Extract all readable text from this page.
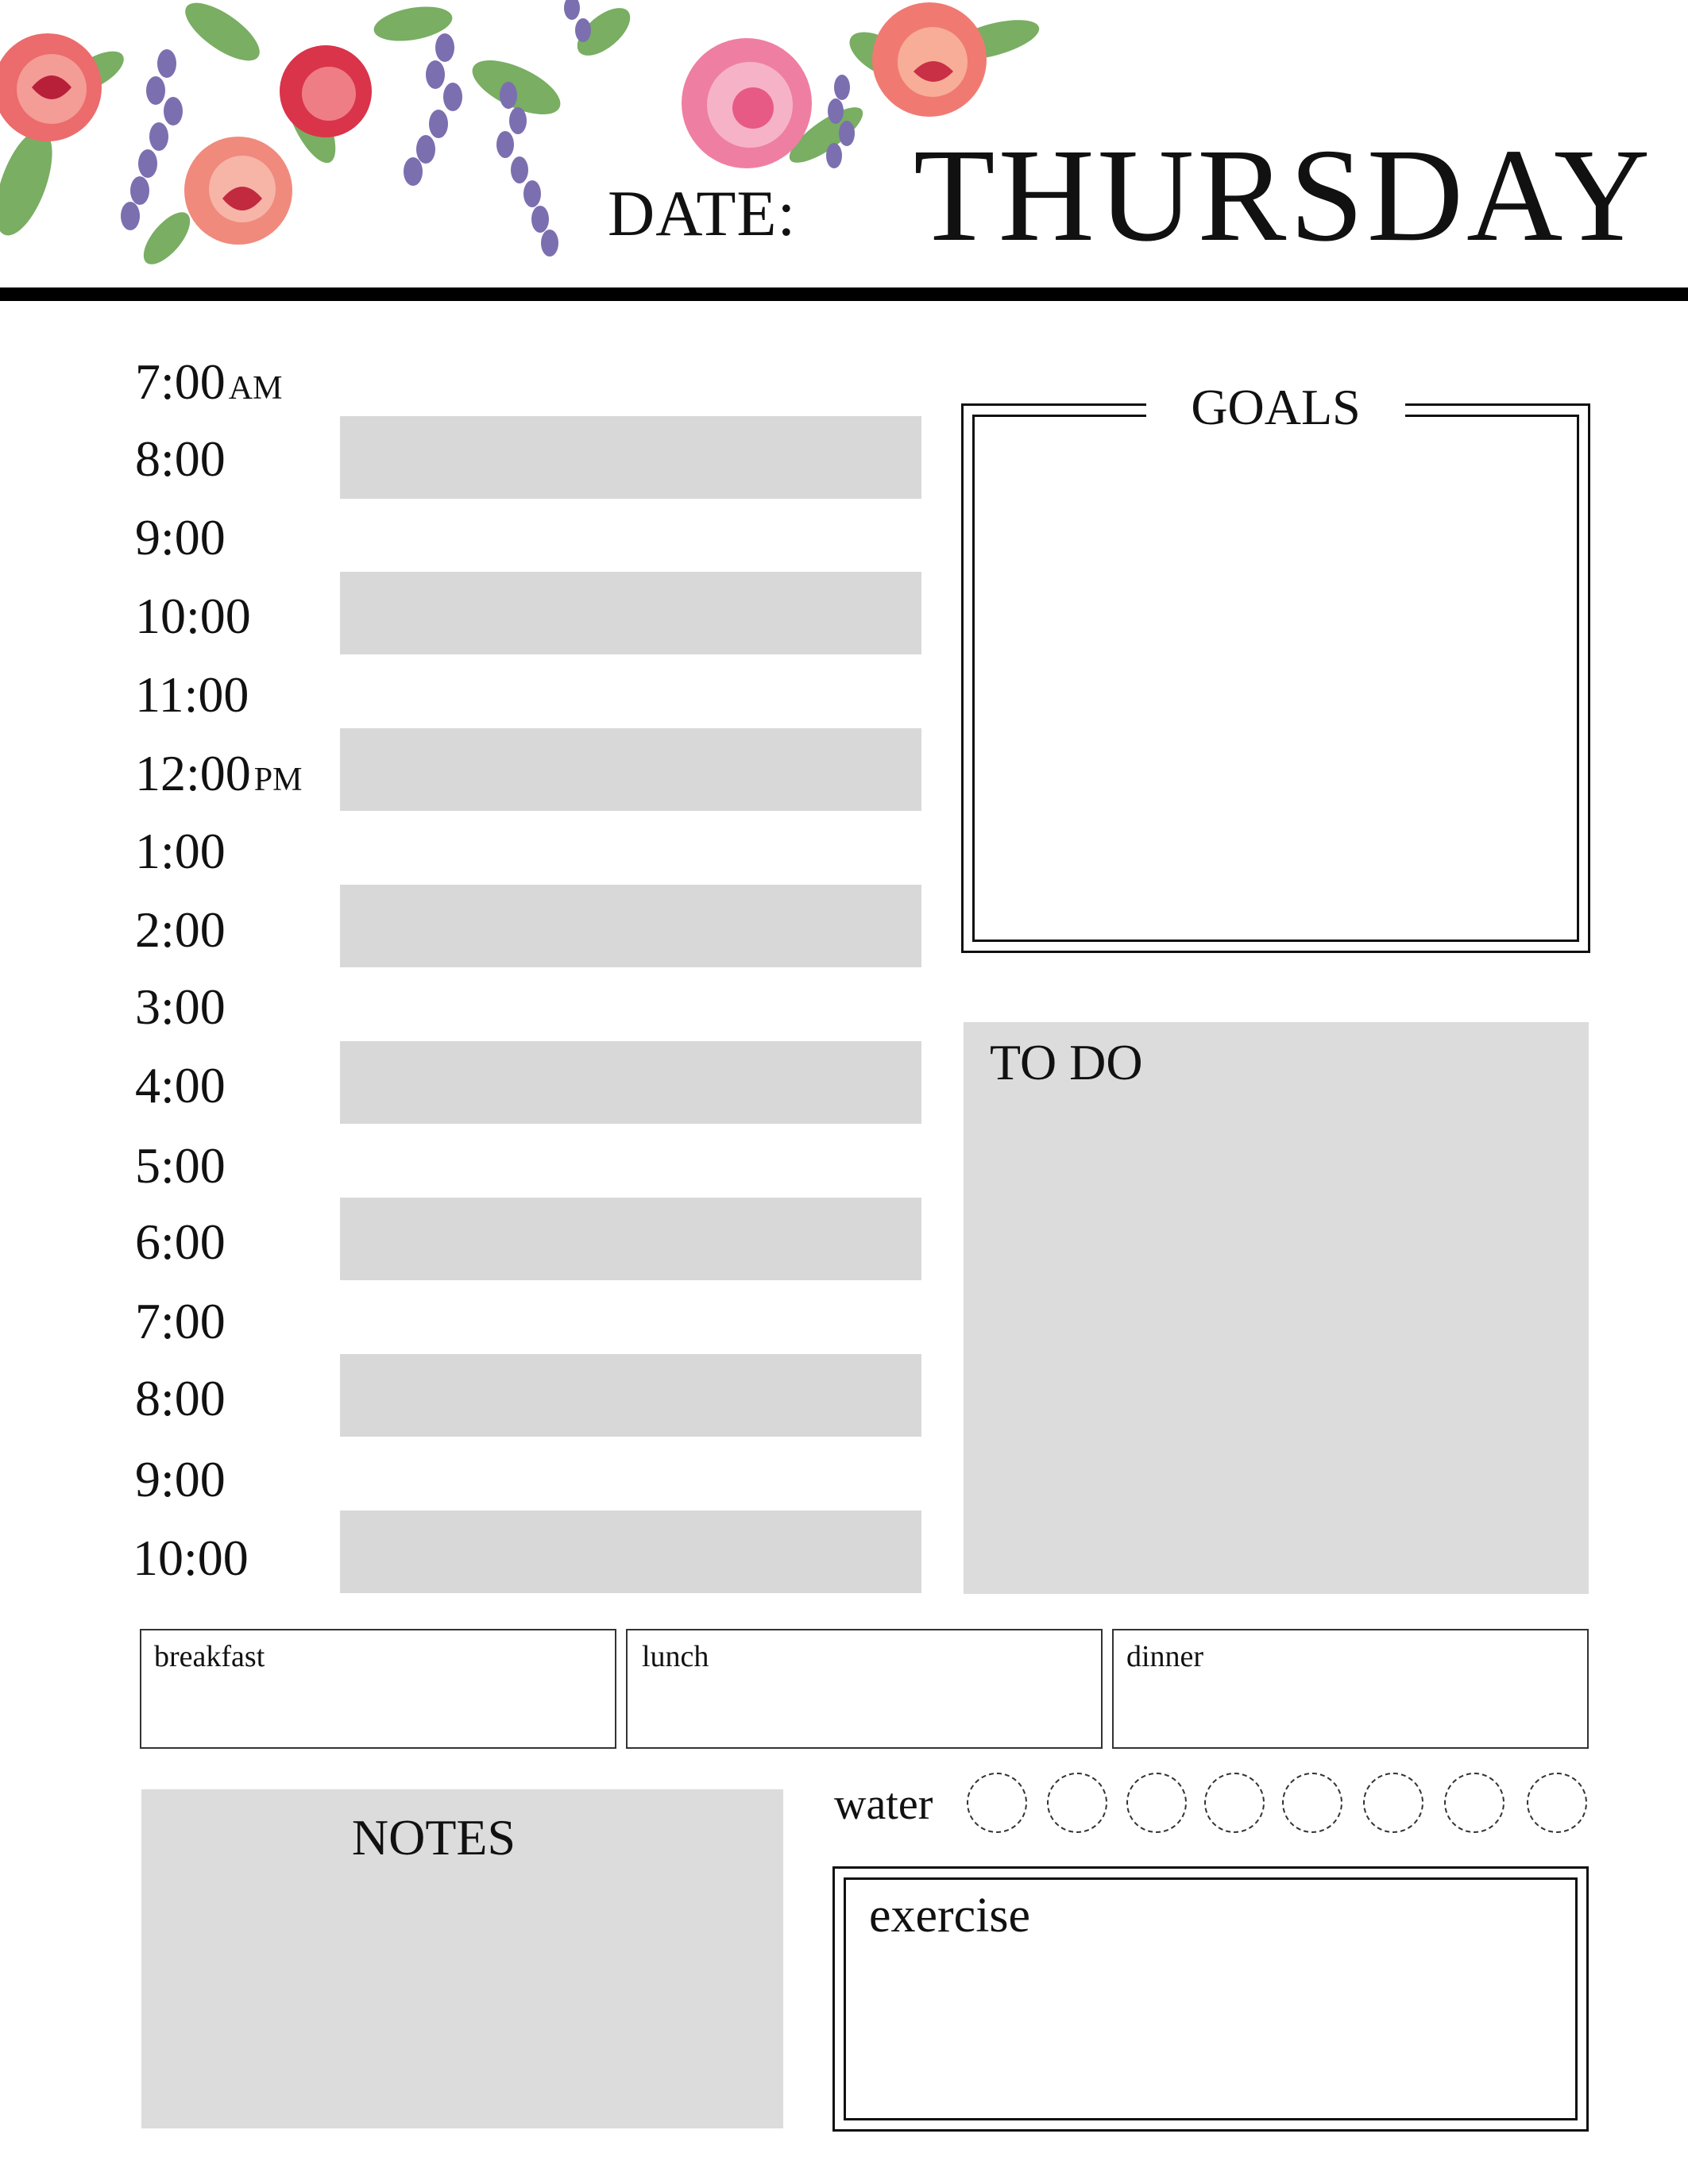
DATE: THURSDAY
7:00AM
8:00
9:00
10:00
11:00
12:00PM
1:00
2:00
3:00
4:00
5:00
6:00
7:00
8:00
9:00
10:00
GOALS
TO DO
breakfast	lunch	dinner
NOTES
water
exercise
